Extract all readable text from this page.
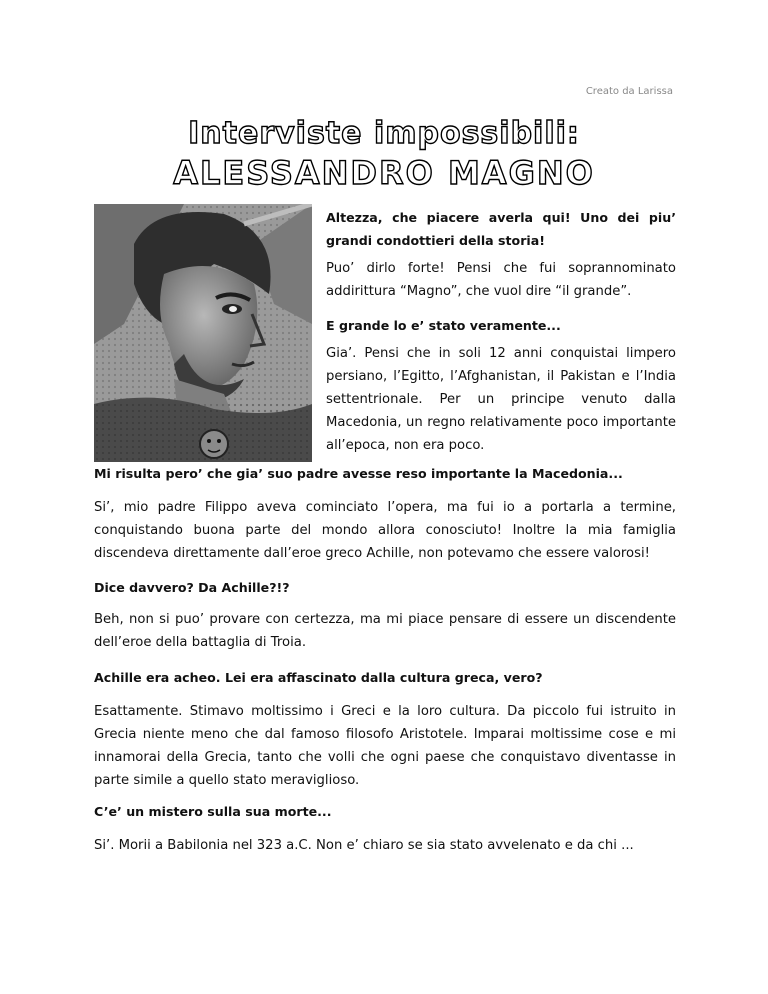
Creato da Larissa
Interviste impossibili:
ALESSANDRO MAGNO
Altezza, che piacere averla qui! Uno dei piu’ grandi condottieri della storia!
Puo’ dirlo forte! Pensi che fui soprannominato addirittura “Magno”, che vuol dire “il grande”.
E grande lo e’ stato veramente...
Gia’. Pensi che in soli 12 anni conquistai limpero persiano, l’Egitto, l’Afghanistan, il Pakistan e l’India settentrionale. Per un principe venuto dalla Macedonia, un regno relativamente poco importante all’epoca, non era poco.
Mi risulta pero’ che gia’ suo padre avesse reso importante la Macedonia...
Si’, mio padre Filippo aveva cominciato l’opera, ma fui io a portarla a termine, conquistando buona parte del mondo allora conosciuto! Inoltre la mia famiglia discendeva direttamente dall’eroe greco Achille, non potevamo che essere valorosi!
Dice davvero? Da Achille?!?
Beh, non si puo’ provare con certezza, ma mi piace pensare di essere un discendente dell’eroe della battaglia di Troia.
Achille era acheo. Lei era affascinato dalla cultura greca, vero?
Esattamente. Stimavo moltissimo i Greci e la loro cultura. Da piccolo fui istruito in Grecia niente meno che dal famoso filosofo Aristotele. Imparai moltissime cose e mi innamorai della Grecia, tanto che volli che ogni paese che conquistavo diventasse in parte simile a quello stato meraviglioso.
C’e’ un mistero sulla sua morte...
Si’. Morii a Babilonia nel 323 a.C. Non e’ chiaro se sia stato avvelenato e da chi ...
